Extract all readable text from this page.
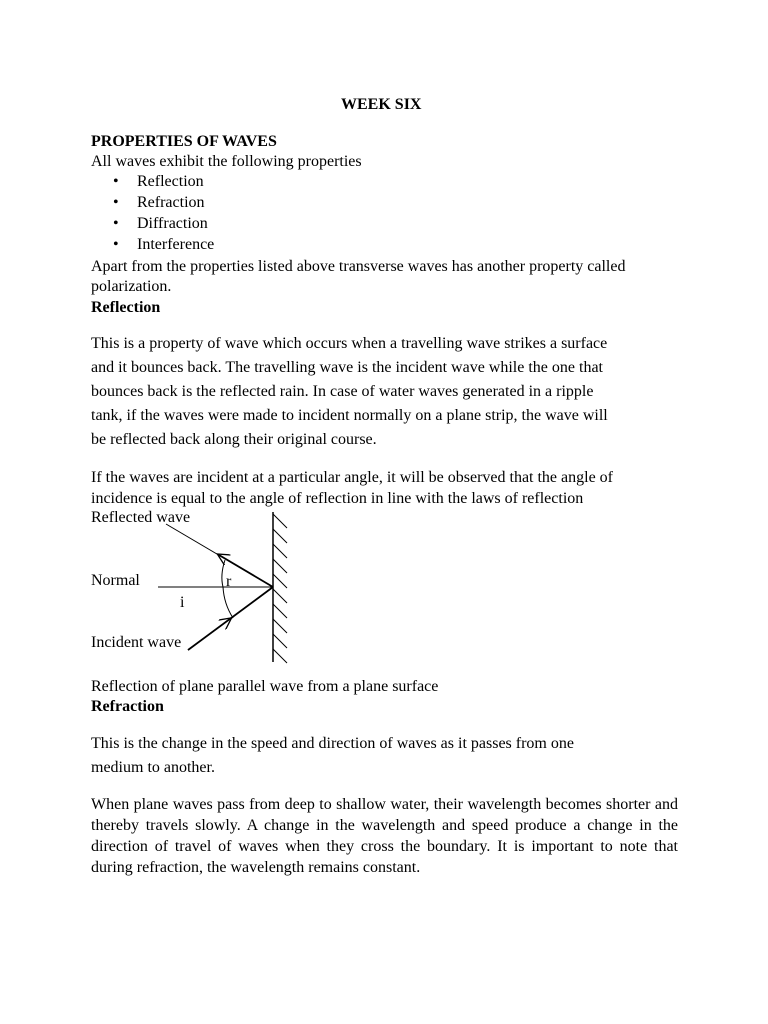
WEEK SIX

PROPERTIES OF WAVES

All waves exhibit the following properties

• Reflection
• Refraction
• Diffraction
• Interference

Apart from the properties listed above transverse waves has another property called

polarization.

Reflection

This is a property of wave which occurs when a travelling wave strikes a surface
and it bounces back. The travelling wave is the incident wave while the one that
bounces back is the reflected rain. In case of water waves generated in a ripple
tank, if the waves were made to incident normally on a plane strip, the wave will
be reflected back along their original course.
If the waves are incident at a particular angle, it will be observed that the angle of
incidence is equal to the angle of reflection in line with the laws of reflection
Reflected wave
Normal	r
i
Incident wave

Reflection of plane parallel wave from a plane surface

Refraction

This is the change in the speed and direction of waves as it passes from one
medium to another.

When plane waves pass from deep to shallow water, their wavelength becomes shorter and thereby travels slowly. A change in the wavelength and speed produce a change in the direction of travel of waves when they cross the boundary. It is important to note that during refraction, the wavelength remains constant.
